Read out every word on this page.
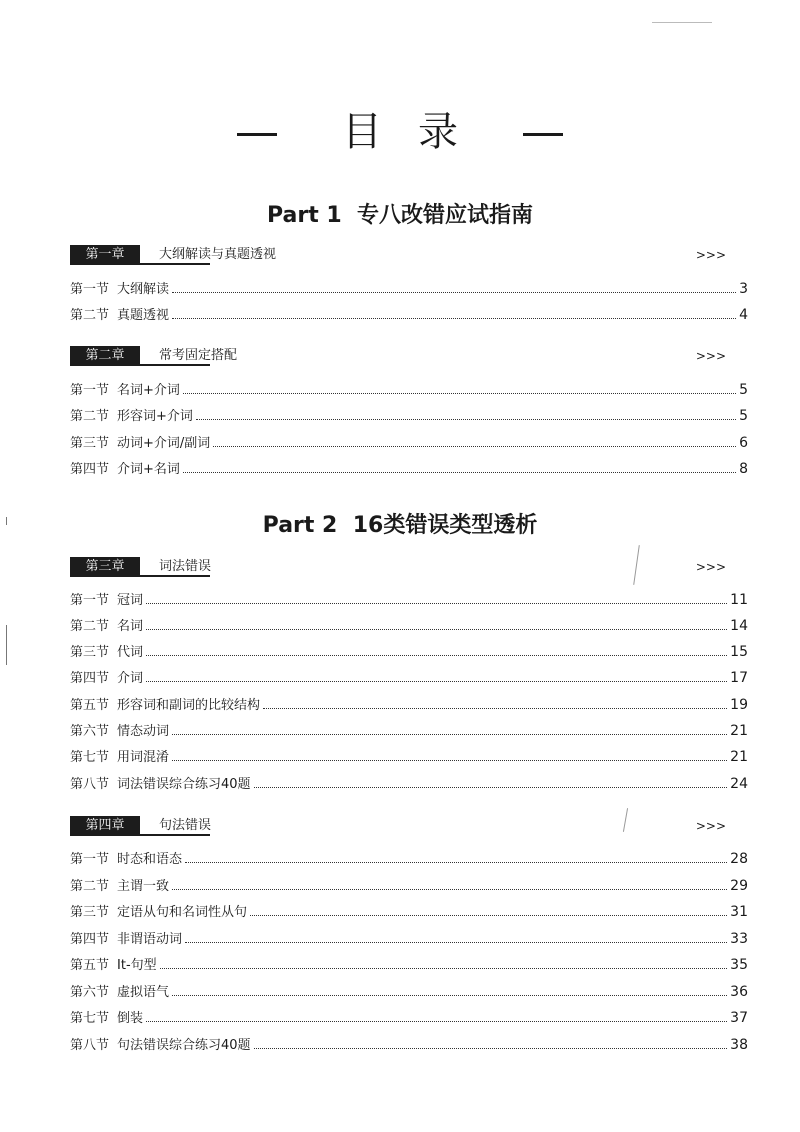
目录
Part 1 专八改错应试指南
第一章	大纲解读与真题透视	>>>
第一节 大纲解读	3
第二节 真题透视	4
第二章	常考固定搭配	>>>
第一节 名词+介词	5
第二节 形容词+介词	5
第三节 动词+介词/副词	6
第四节 介词+名词	8
Part 2 16类错误类型透析
第三章	词法错误	>>>
第一节 冠词	11
第二节 名词	14
第三节 代词	15
第四节 介词	17
第五节 形容词和副词的比较结构	19
第六节 情态动词	21
第七节 用词混淆	21
第八节 词法错误综合练习40题	24
第四章	句法错误	>>>
第一节 时态和语态	28
第二节 主谓一致	29
第三节 定语从句和名词性从句	31
第四节 非谓语动词	33
第五节 It-句型	35
第六节 虚拟语气	36
第七节 倒装	37
第八节 句法错误综合练习40题	38
